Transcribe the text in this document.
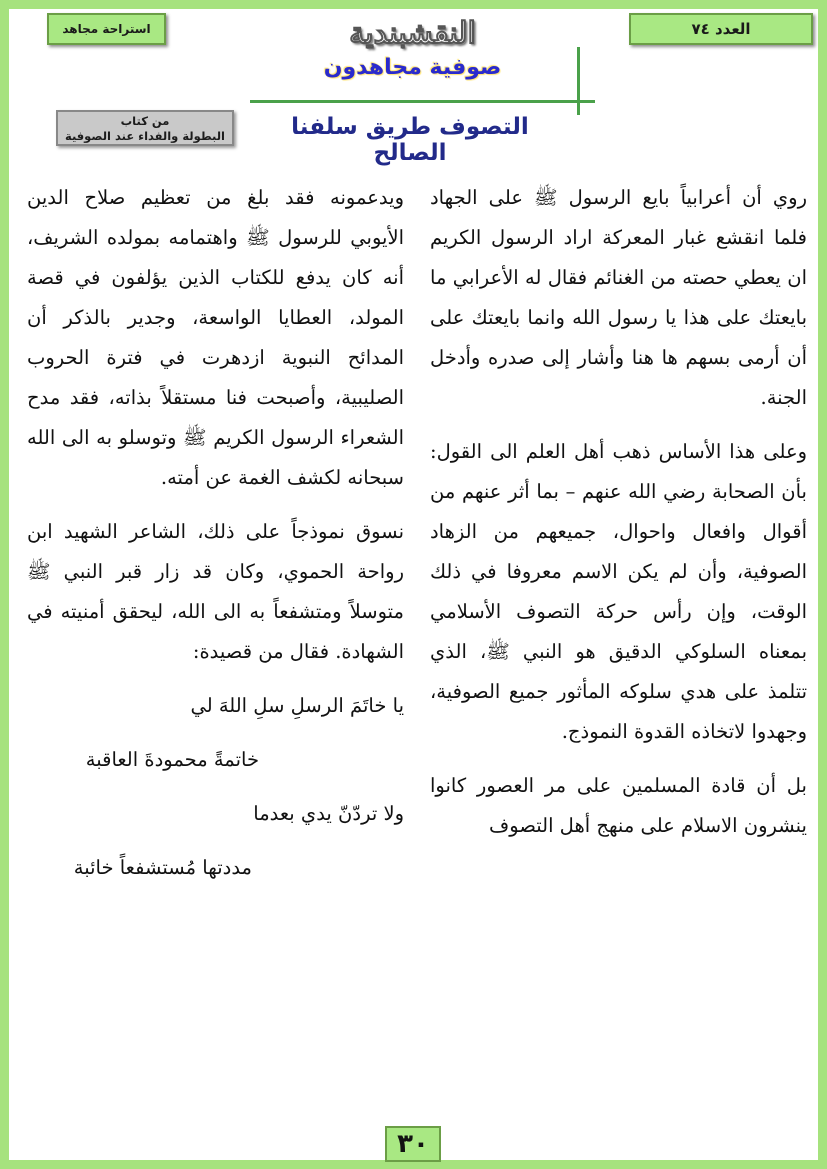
العدد ٧٤
استراحة مجاهد	النقشبندية
صوفية مجاهدون
من كتاب
البطولة والفداء عند الصوفية	التصوف طريق سلفنا الصالح

روي أن أعرابياً بايع الرسول ﷺ على الجهاد فلما انقشع غبار المعركة اراد الرسول الكريم ان يعطي حصته من الغنائم فقال له الأعرابي ما بايعتك على هذا يا رسول الله وانما بايعتك على أن أرمى بسهم ها هنا وأشار إلى صدره وأدخل الجنة.

وعلى هذا الأساس ذهب أهل العلم الى القول: بأن الصحابة رضي الله عنهم – بما أثر عنهم من أقوال وافعال واحوال، جميعهم من الزهاد الصوفية، وأن لم يكن الاسم معروفا في ذلك الوقت، وإن رأس حركة التصوف الأسلامي بمعناه السلوكي الدقيق هو النبي ﷺ، الذي تتلمذ على هدي سلوكه المأثور جميع الصوفية، وجهدوا لاتخاذه القدوة النموذج.

بل أن قادة المسلمين على مر العصور كانوا ينشرون الاسلام على منهج أهل التصوف

ويدعمونه فقد بلغ من تعظيم صلاح الدين الأيوبي للرسول ﷺ واهتمامه بمولده الشريف، أنه كان يدفع للكتاب الذين يؤلفون في قصة المولد، العطايا الواسعة، وجدير بالذكر أن المدائح النبوية ازدهرت في فترة الحروب الصليبية، وأصبحت فنا مستقلاً بذاته، فقد مدح الشعراء الرسول الكريم ﷺ وتوسلو به الى الله سبحانه لكشف الغمة عن أمته.

نسوق نموذجاً على ذلك، الشاعر الشهيد ابن رواحة الحموي، وكان قد زار قبر النبي ﷺ متوسلاً ومتشفعاً به الى الله، ليحقق أمنيته في الشهادة. فقال من قصيدة:

يا خاتَمَ الرسلِ سلِ اللهَ لي

خاتمةً محمودةَ العاقبة

ولا تردّنّ يدي بعدما

مددتها مُستشفعاً خائبة

٣٠
